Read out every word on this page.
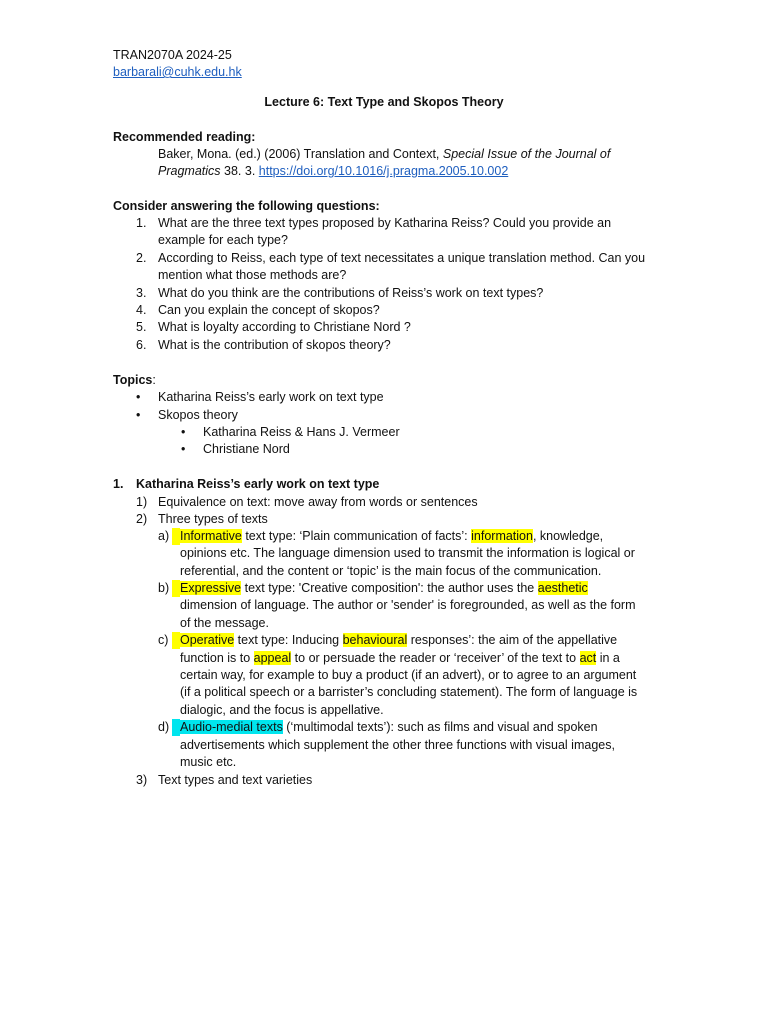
TRAN2070A 2024-25
barbarali@cuhk.edu.hk
Lecture 6: Text Type and Skopos Theory
Recommended reading:
Baker, Mona. (ed.) (2006) Translation and Context, Special Issue of the Journal of
Pragmatics 38. 3. https://doi.org/10.1016/j.pragma.2005.10.002
Consider answering the following questions:
1. What are the three text types proposed by Katharina Reiss? Could you provide an
example for each type?
2. According to Reiss, each type of text necessitates a unique translation method. Can you
mention what those methods are?
3. What do you think are the contributions of Reiss’s work on text types?
4. Can you explain the concept of skopos?
5. What is loyalty according to Christiane Nord ?
6. What is the contribution of skopos theory?
Topics:
• Katharina Reiss’s early work on text type
• Skopos theory
• Katharina Reiss & Hans J. Vermeer
• Christiane Nord
1. Katharina Reiss’s early work on text type
1) Equivalence on text: move away from words or sentences
2) Three types of texts
a) Informative text type: ‘Plain communication of facts’: information, knowledge,
opinions etc. The language dimension used to transmit the information is logical or
referential, and the content or ‘topic’ is the main focus of the communication.
b) Expressive text type: 'Creative composition': the author uses the aesthetic
dimension of language. The author or 'sender' is foregrounded, as well as the form
of the message.
c) Operative text type: Inducing behavioural responses’: the aim of the appellative
function is to appeal to or persuade the reader or ‘receiver’ of the text to act in a
certain way, for example to buy a product (if an advert), or to agree to an argument
(if a political speech or a barrister’s concluding statement). The form of language is
dialogic, and the focus is appellative.
d) Audio-medial texts (‘multimodal texts’): such as films and visual and spoken
advertisements which supplement the other three functions with visual images,
music etc.
3) Text types and text varieties
